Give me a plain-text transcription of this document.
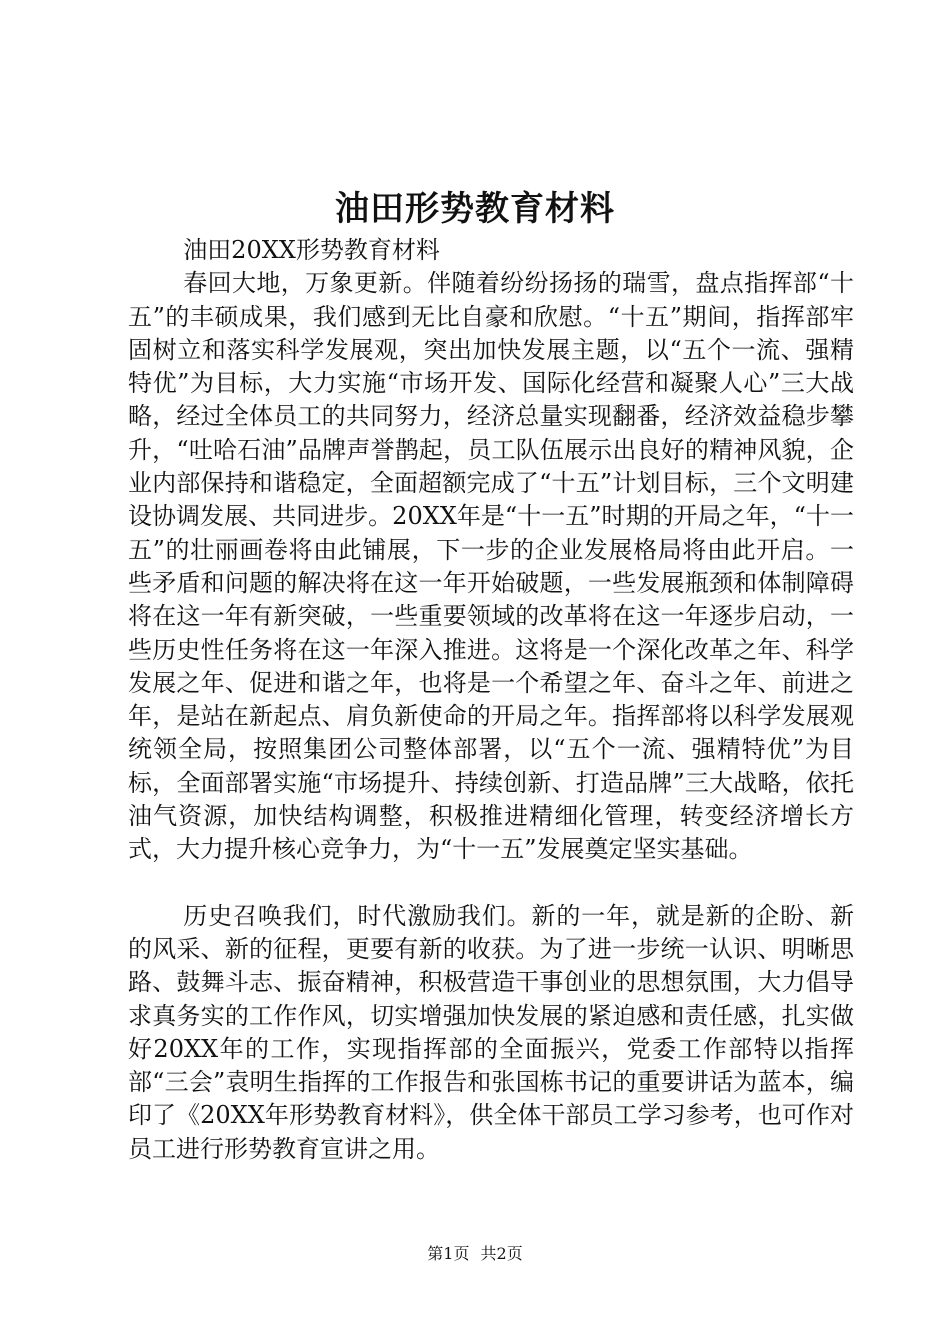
油田形势教育材料

油田20XX形势教育材料

春回大地，万象更新。伴随着纷纷扬扬的瑞雪，盘点指挥部“十五”的丰硕成果，我们感到无比自豪和欣慰。“十五”期间，指挥部牢固树立和落实科学发展观，突出加快发展主题，以“五个一流、强精特优”为目标，大力实施“市场开发、国际化经营和凝聚人心”三大战略，经过全体员工的共同努力，经济总量实现翻番，经济效益稳步攀升，“吐哈石油”品牌声誉鹊起，员工队伍展示出良好的精神风貌，企业内部保持和谐稳定，全面超额完成了“十五”计划目标，三个文明建设协调发展、共同进步。20XX年是“十一五”时期的开局之年，“十一五”的壮丽画卷将由此铺展，下一步的企业发展格局将由此开启。一些矛盾和问题的解决将在这一年开始破题，一些发展瓶颈和体制障碍将在这一年有新突破，一些重要领域的改革将在这一年逐步启动，一些历史性任务将在这一年深入推进。这将是一个深化改革之年、科学发展之年、促进和谐之年，也将是一个希望之年、奋斗之年、前进之年，是站在新起点、肩负新使命的开局之年。指挥部将以科学发展观统领全局，按照集团公司整体部署，以“五个一流、强精特优”为目标，全面部署实施“市场提升、持续创新、打造品牌”三大战略，依托油气资源，加快结构调整，积极推进精细化管理，转变经济增长方式，大力提升核心竞争力，为“十一五”发展奠定坚实基础。

历史召唤我们，时代激励我们。新的一年，就是新的企盼、新的风采、新的征程，更要有新的收获。为了进一步统一认识、明晰思路、鼓舞斗志、振奋精神，积极营造干事创业的思想氛围，大力倡导求真务实的工作作风，切实增强加快发展的紧迫感和责任感，扎实做好20XX年的工作，实现指挥部的全面振兴，党委工作部特以指挥部“三会”袁明生指挥的工作报告和张国栋书记的重要讲话为蓝本，编印了《20XX年形势教育材料》，供全体干部员工学习参考，也可作对员工进行形势教育宣讲之用。

第1页 共2页
